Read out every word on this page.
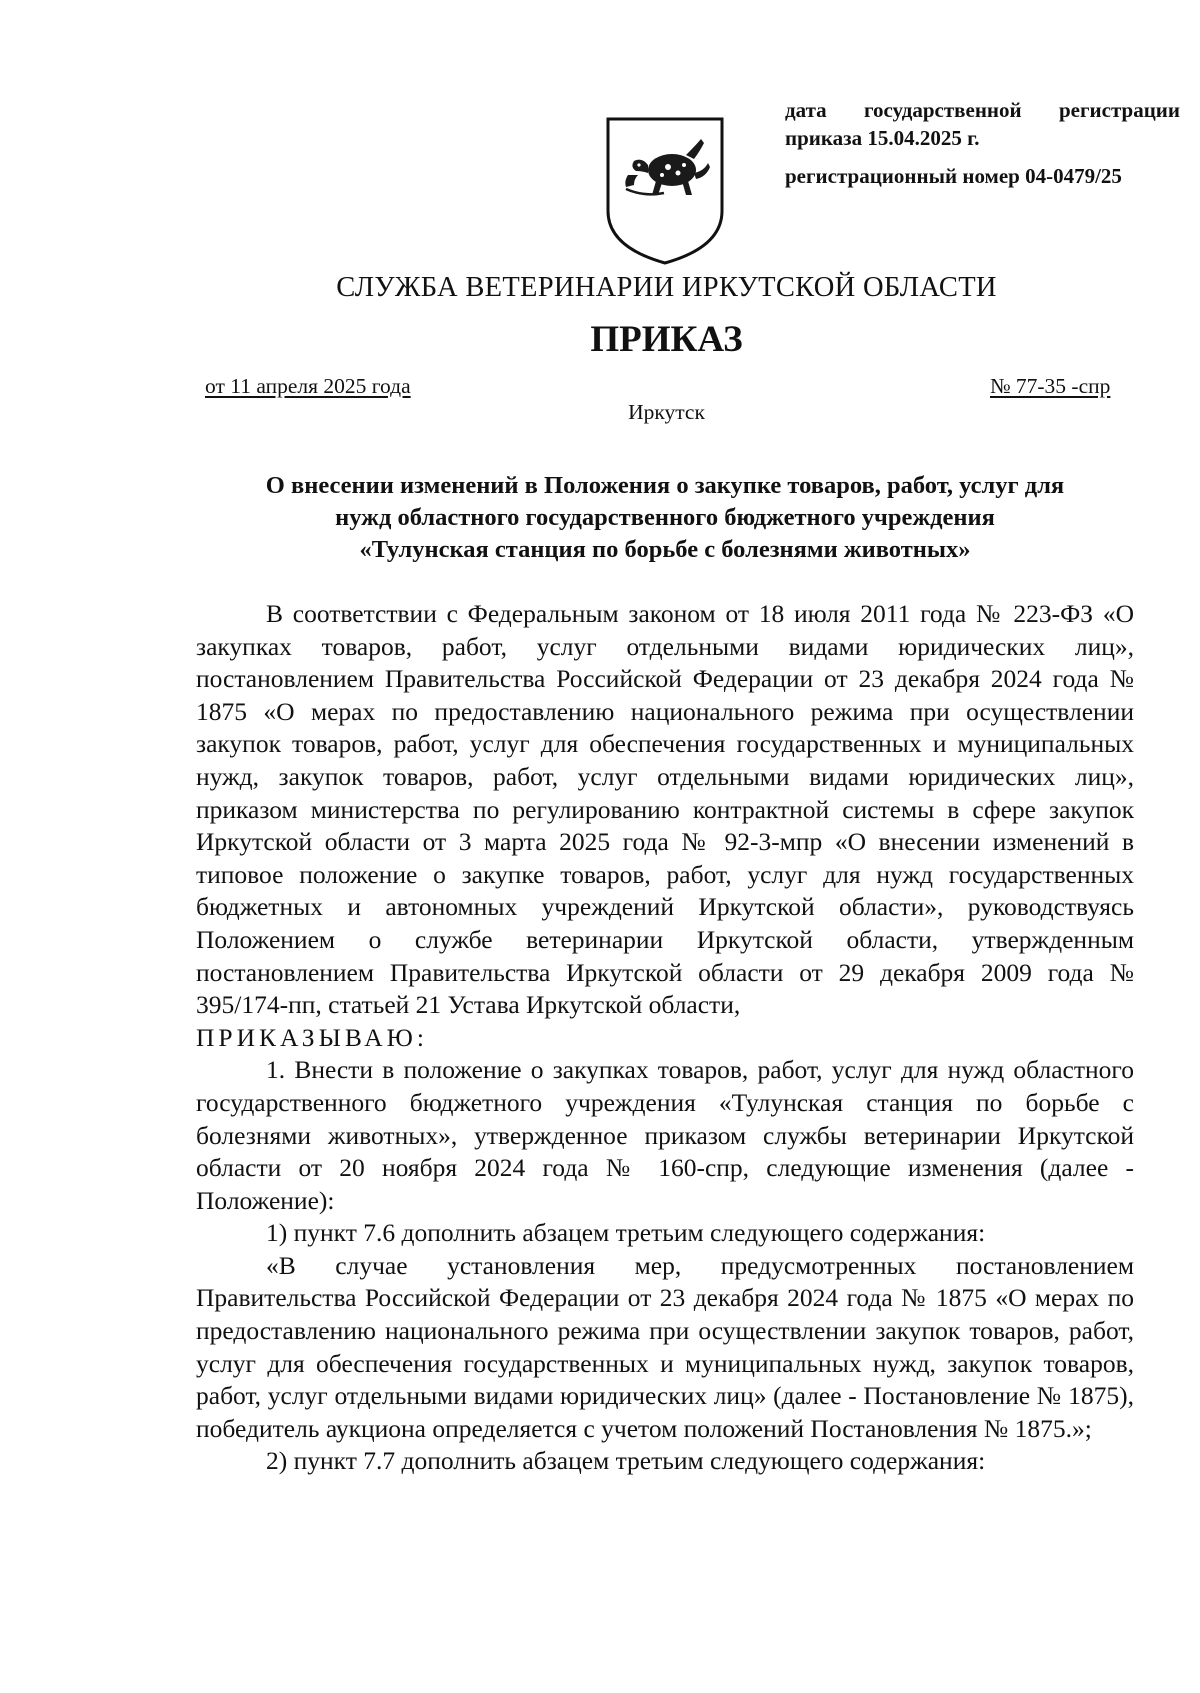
дата государственной регистрации
приказа 15.04.2025 г.
регистрационный номер 04-0479/25
СЛУЖБА ВЕТЕРИНАРИИ ИРКУТСКОЙ ОБЛАСТИ
ПРИКАЗ
от 11 апреля 2025 года	№ 77-35 -спр
Иркутск
О внесении изменений в Положения о закупке товаров, работ, услуг для
нужд областного государственного бюджетного учреждения
«Тулунская станция по борьбе с болезнями животных»

В соответствии с Федеральным законом от 18 июля 2011 года № 223-ФЗ «О закупках товаров, работ, услуг отдельными видами юридических лиц», постановлением Правительства Российской Федерации от 23 декабря 2024 года № 1875 «О мерах по предоставлению национального режима при осуществлении закупок товаров, работ, услуг для обеспечения государственных и муниципальных нужд, закупок товаров, работ, услуг отдельными видами юридических лиц», приказом министерства по регулированию контрактной системы в сфере закупок Иркутской области от 3 марта 2025 года № 92-3-мпр «О внесении изменений в типовое положение о закупке товаров, работ, услуг для нужд государственных бюджетных и автономных учреждений Иркутской области», руководствуясь Положением о службе ветеринарии Иркутской области, утвержденным постановлением Правительства Иркутской области от 29 декабря 2009 года № 395/174-пп, статьей 21 Устава Иркутской области,

ПРИКАЗЫВАЮ:

1. Внести в положение о закупках товаров, работ, услуг для нужд областного государственного бюджетного учреждения «Тулунская станция по борьбе с болезнями животных», утвержденное приказом службы ветеринарии Иркутской области от 20 ноября 2024 года № 160-спр, следующие изменения (далее - Положение):

1) пункт 7.6 дополнить абзацем третьим следующего содержания:

«В случае установления мер, предусмотренных постановлением Правительства Российской Федерации от 23 декабря 2024 года № 1875 «О мерах по предоставлению национального режима при осуществлении закупок товаров, работ, услуг для обеспечения государственных и муниципальных нужд, закупок товаров, работ, услуг отдельными видами юридических лиц» (далее - Постановление № 1875), победитель аукциона определяется с учетом положений Постановления № 1875.»;

2) пункт 7.7 дополнить абзацем третьим следующего содержания:
